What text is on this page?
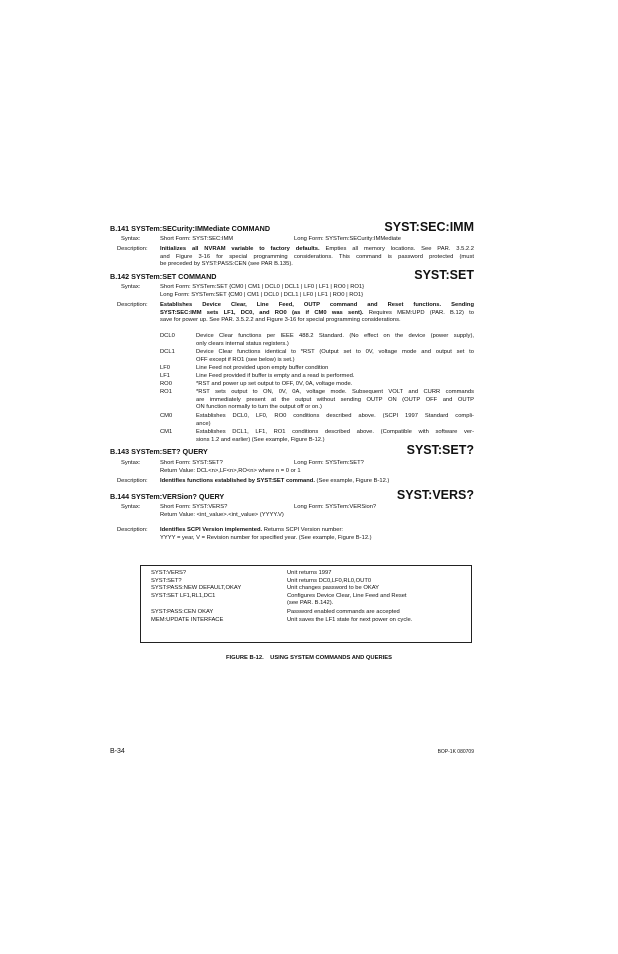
B.141 SYSTem:SECurity:IMMediate COMMAND	SYST:SEC:IMM
Syntax:	Short Form: SYST:SEC:IMM	Long Form: SYSTem:SECurity:IMMediate
Description: Initializes all NVRAM variable to factory defaults. Empties all memory locations. See PAR. 3.5.2.2
and Figure 3-16 for special programming considerations. This command is password protected (must
be preceded by SYST:PASS:CEN (see PAR B.135).
B.142 SYSTem:SET COMMAND	SYST:SET
Syntax:	Short Form: SYSTem:SET {CM0 | CM1 | DCL0 | DCL1 | LF0 | LF1 | RO0 | RO1}
Long Form: SYSTem:SET {CM0 | CM1 | DCL0 | DCL1 | LF0 | LF1 | RO0 | RO1}
Description: Establishes Device Clear, Line Feed, OUTP command and Reset functions. Sending
SYST:SEC:IMM sets LF1, DC0, and RO0 (as if CM0 was sent). Requires MEM:UPD (PAR. B.12) to
save for power up. See PAR. 3.5.2.2 and Figure 3-16 for special programming considerations.
DCL0	Device Clear functions per IEEE 488.2 Standard. (No effect on the device (power supply),
only clears internal status registers.)
DCL1	Device Clear functions identical to *RST (Output set to 0V, voltage mode and output set to
OFF except if RO1 (see below) is set.)
LF0	Line Feed not provided upon empty buffer condition
LF1	Line Feed provided if buffer is empty and a read is performed.
RO0	*RST and power up set output to OFF, 0V, 0A, voltage mode.
RO1	*RST sets output to ON, 0V, 0A, voltage mode. Subsequent VOLT and CURR commands
are immediately present at the output without sending OUTP ON (OUTP OFF and OUTP
ON function normally to turn the output off or on.)
CM0	Establishes DCL0, LF0, RO0 conditions described above. (SCPI 1997 Standard compli-
ance)
CM1	Establishes DCL1, LF1, RO1 conditions described above. (Compatible with software ver-
sions 1.2 and earlier) (See example, Figure B-12.)
B.143 SYSTem:SET? QUERY	SYST:SET?
Syntax:	Short Form: SYST:SET?	Long Form: SYSTem:SET?
Return Value: DCL<n>,LF<n>,RO<n> where n = 0 or 1
Description: Identifies functions established by SYST:SET command. (See example, Figure B-12.)
B.144 SYSTem:VERSion? QUERY	SYST:VERS?
Syntax:	Short Form: SYST:VERS?	Long Form: SYSTem:VERSion?
Return Value: <int_value>.<int_value> (YYYY.V)
Description: Identifies SCPI Version implemented. Returns SCPI Version number:
YYYY = year, V = Revision number for specified year. (See example, Figure B-12.)
SYST:VERS?	Unit returns 1997
SYST:SET?	Unit returns DC0,LF0,RL0,OUT0
SYST:PASS:NEW DEFAULT,OKAY	Unit changes password to be OKAY
SYST:SET LF1,RL1,DC1	Configures Device Clear, Line Feed and Reset
(see PAR. B.142).
SYST:PASS:CEN OKAY	Password enabled commands are accepted
MEM:UPDATE INTERFACE	Unit saves the LF1 state for next power on cycle.
FIGURE B-12.    USING SYSTEM COMMANDS AND QUERIES
B-34	BOP-1K 080709
